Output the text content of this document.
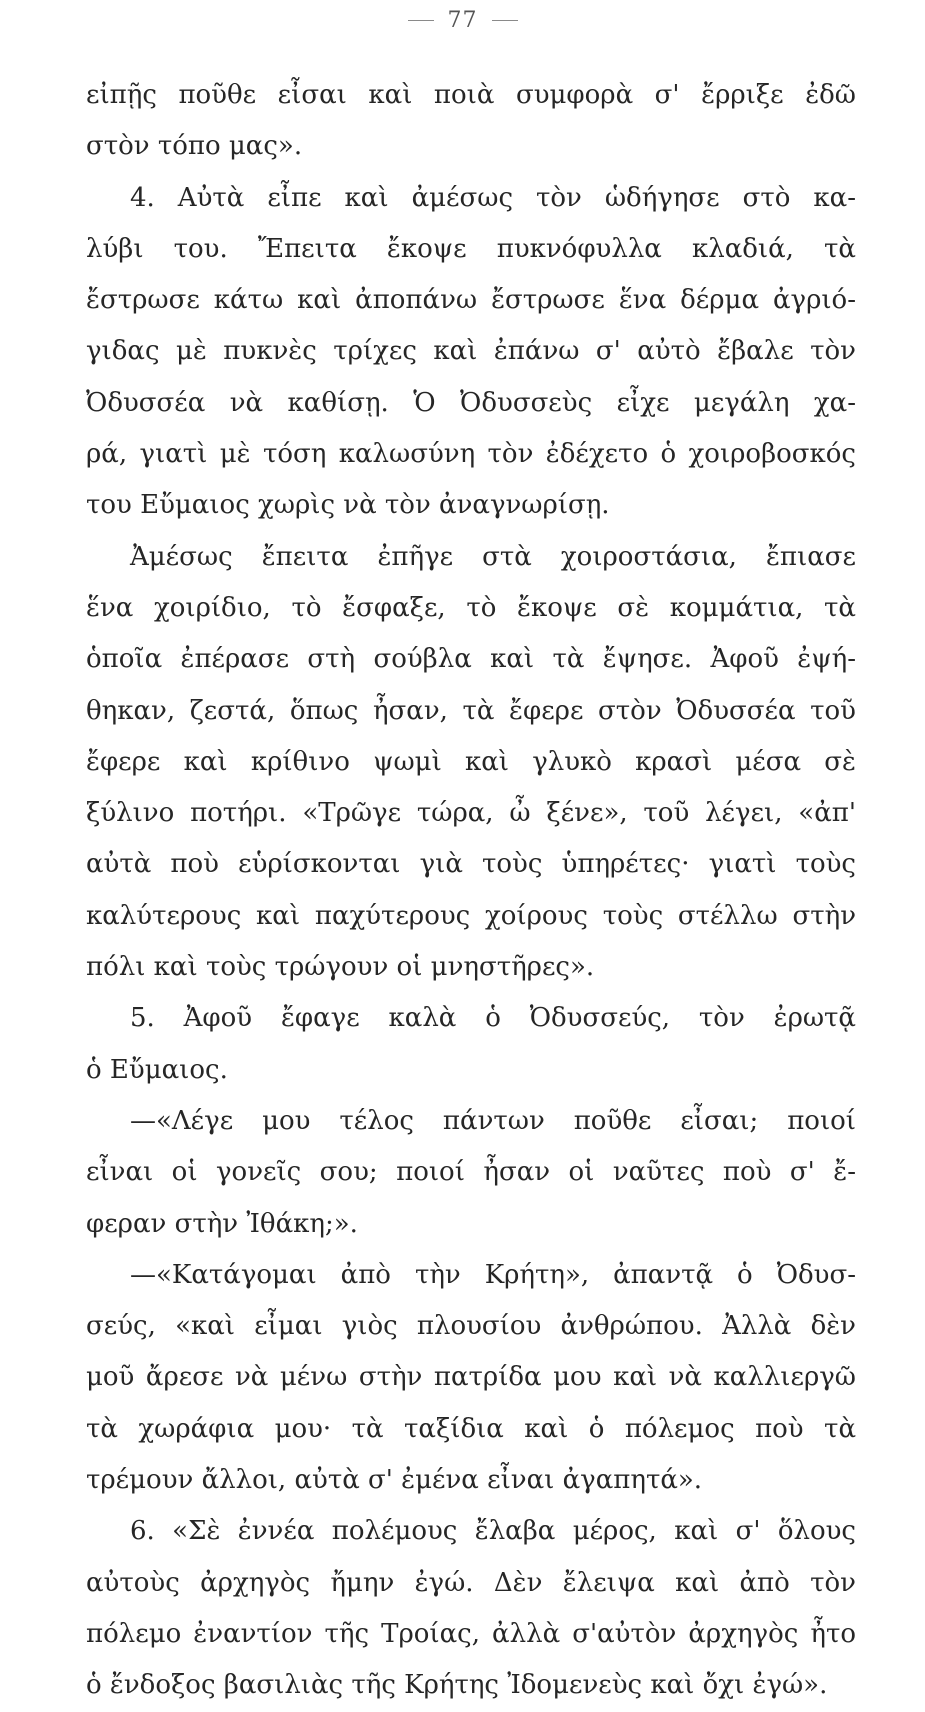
77
εἰπῇς ποῦθε εἶσαι καὶ ποιὰ συμφορὰ σ' ἔρριξε ἐδῶ
στὸν τόπο μας».
4. Αὐτὰ εἶπε καὶ ἀμέσως τὸν ὡδήγησε στὸ κα-
λύβι του. Ἔπειτα ἔκοψε πυκνόφυλλα κλαδιά, τὰ
ἔστρωσε κάτω καὶ ἀποπάνω ἔστρωσε ἕνα δέρμα ἀγριό-
γιδας μὲ πυκνὲς τρίχες καὶ ἐπάνω σ' αὐτὸ ἔβαλε τὸν
Ὀδυσσέα νὰ καθίσῃ. Ὁ Ὀδυσσεὺς εἶχε μεγάλη χα-
ρά, γιατὶ μὲ τόση καλωσύνη τὸν ἐδέχετο ὁ χοιροβοσκός
του Εὔμαιος χωρὶς νὰ τὸν ἀναγνωρίσῃ.
Ἀμέσως ἔπειτα ἐπῆγε στὰ χοιροστάσια, ἔπιασε
ἕνα χοιρίδιο, τὸ ἔσφαξε, τὸ ἔκοψε σὲ κομμάτια, τὰ
ὁποῖα ἐπέρασε στὴ σούβλα καὶ τὰ ἔψησε. Ἀφοῦ ἐψή-
θηκαν, ζεστά, ὅπως ἦσαν, τὰ ἔφερε στὸν Ὀδυσσέα τοῦ
ἔφερε καὶ κρίθινο ψωμὶ καὶ γλυκὸ κρασὶ μέσα σὲ
ξύλινο ποτήρι. «Τρῶγε τώρα, ὦ ξένε», τοῦ λέγει, «ἀπ'
αὐτὰ ποὺ εὑρίσκονται γιὰ τοὺς ὑπηρέτες· γιατὶ τοὺς
καλύτερους καὶ παχύτερους χοίρους τοὺς στέλλω στὴν
πόλι καὶ τοὺς τρώγουν οἱ μνηστῆρες».
5. Ἀφοῦ ἔφαγε καλὰ ὁ Ὀδυσσεύς, τὸν ἐρωτᾷ
ὁ Εὔμαιος.
—«Λέγε μου τέλος πάντων ποῦθε εἶσαι; ποιοί
εἶναι οἱ γονεῖς σου; ποιοί ἦσαν οἱ ναῦτες ποὺ σ' ἔ-
φεραν στὴν Ἰθάκη;».
—«Κατάγομαι ἀπὸ τὴν Κρήτη», ἀπαντᾷ ὁ Ὀδυσ-
σεύς, «καὶ εἶμαι γιὸς πλουσίου ἀνθρώπου. Ἀλλὰ δὲν
μοῦ ἄρεσε νὰ μένω στὴν πατρίδα μου καὶ νὰ καλλιεργῶ
τὰ χωράφια μου· τὰ ταξίδια καὶ ὁ πόλεμος ποὺ τὰ
τρέμουν ἄλλοι, αὐτὰ σ' ἐμένα εἶναι ἀγαπητά».
6. «Σὲ ἐννέα πολέμους ἔλαβα μέρος, καὶ σ' ὅλους
αὐτοὺς ἀρχηγὸς ἤμην ἐγώ. Δὲν ἔλειψα καὶ ἀπὸ τὸν
πόλεμο ἐναντίον τῆς Τροίας, ἀλλὰ σ'αὐτὸν ἀρχηγὸς ἦτο
ὁ ἔνδοξος βασιλιὰς τῆς Κρήτης Ἰδομενεὺς καὶ ὄχι ἐγώ».
